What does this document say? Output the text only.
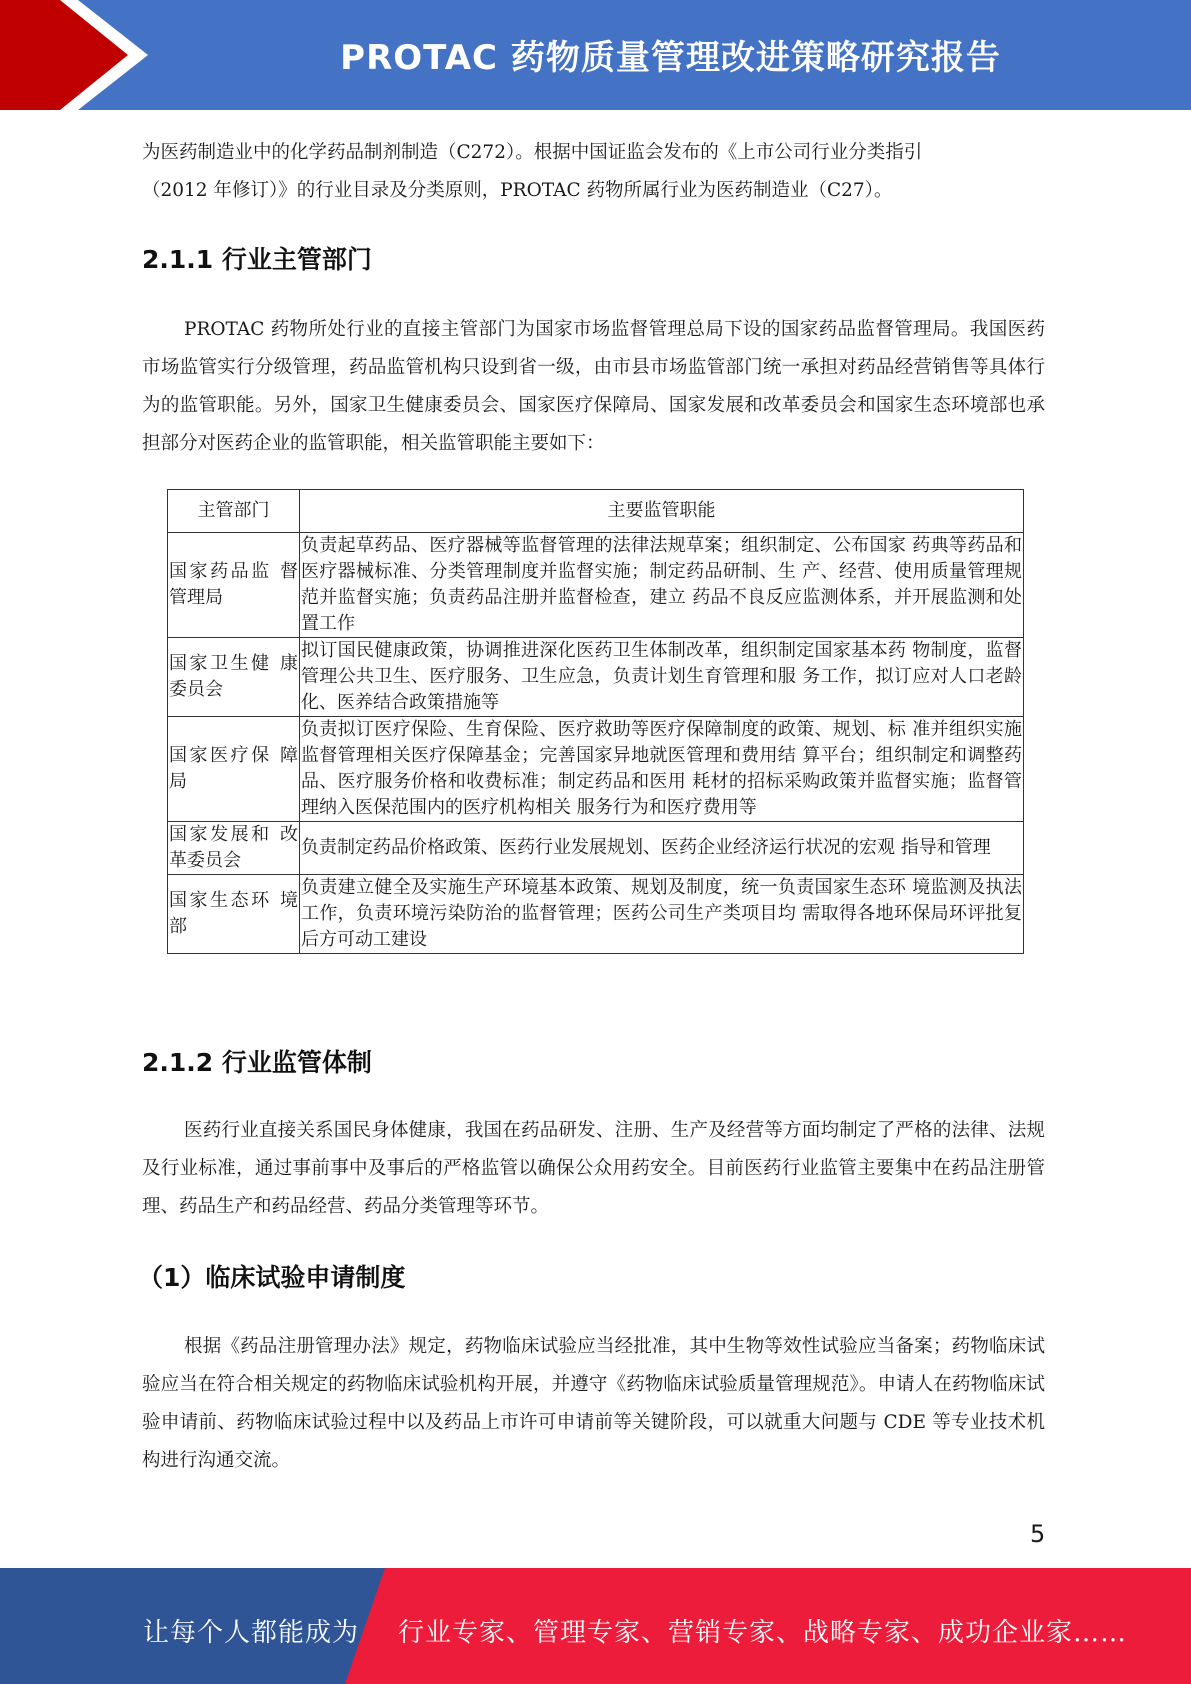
PROTAC 药物质量管理改进策略研究报告

为医药制造业中的化学药品制剂制造（C272）。根据中国证监会发布的《上市公司行业分类指引

（2012 年修订）》的行业目录及分类原则，PROTAC 药物所属行业为医药制造业（C27）。

2.1.1 行业主管部门

PROTAC 药物所处行业的直接主管部门为国家市场监督管理总局下设的国家药品监督管理局。我国医药市场监管实行分级管理，药品监管机构只设到省一级，由市县市场监管部门统一承担对药品经营销售等具体行为的监管职能。另外，国家卫生健康委员会、国家医疗保障局、国家发展和改革委员会和国家生态环境部也承担部分对医药企业的监管职能，相关监管职能主要如下：

主管部门	主要监管职能
国家药品监 督管理局	负责起草药品、医疗器械等监督管理的法律法规草案；组织制定、公布国家 药典等药品和医疗器械标准、分类管理制度并监督实施；制定药品研制、生 产、经营、使用质量管理规范并监督实施；负责药品注册并监督检查，建立 药品不良反应监测体系，并开展监测和处置工作
国家卫生健 康委员会	拟订国民健康政策，协调推进深化医药卫生体制改革，组织制定国家基本药 物制度，监督管理公共卫生、医疗服务、卫生应急，负责计划生育管理和服 务工作，拟订应对人口老龄化、医养结合政策措施等
国家医疗保 障局	负责拟订医疗保险、生育保险、医疗救助等医疗保障制度的政策、规划、标 准并组织实施监督管理相关医疗保障基金；完善国家异地就医管理和费用结 算平台；组织制定和调整药品、医疗服务价格和收费标准；制定药品和医用 耗材的招标采购政策并监督实施；监督管理纳入医保范围内的医疗机构相关 服务行为和医疗费用等
国家发展和 改革委员会	负责制定药品价格政策、医药行业发展规划、医药企业经济运行状况的宏观 指导和管理
国家生态环 境部	负责建立健全及实施生产环境基本政策、规划及制度，统一负责国家生态环 境监测及执法工作，负责环境污染防治的监督管理；医药公司生产类项目均 需取得各地环保局环评批复后方可动工建设
2.1.2 行业监管体制

医药行业直接关系国民身体健康，我国在药品研发、注册、生产及经营等方面均制定了严格的法律、法规及行业标准，通过事前事中及事后的严格监管以确保公众用药安全。目前医药行业监管主要集中在药品注册管理、药品生产和药品经营、药品分类管理等环节。

（1）临床试验申请制度

根据《药品注册管理办法》规定，药物临床试验应当经批准，其中生物等效性试验应当备案；药物临床试验应当在符合相关规定的药物临床试验机构开展，并遵守《药物临床试验质量管理规范》。申请人在药物临床试验申请前、药物临床试验过程中以及药品上市许可申请前等关键阶段，可以就重大问题与 CDE 等专业技术机构进行沟通交流。

5
让每个人都能成为 行业专家、管理专家、营销专家、战略专家、成功企业家……
